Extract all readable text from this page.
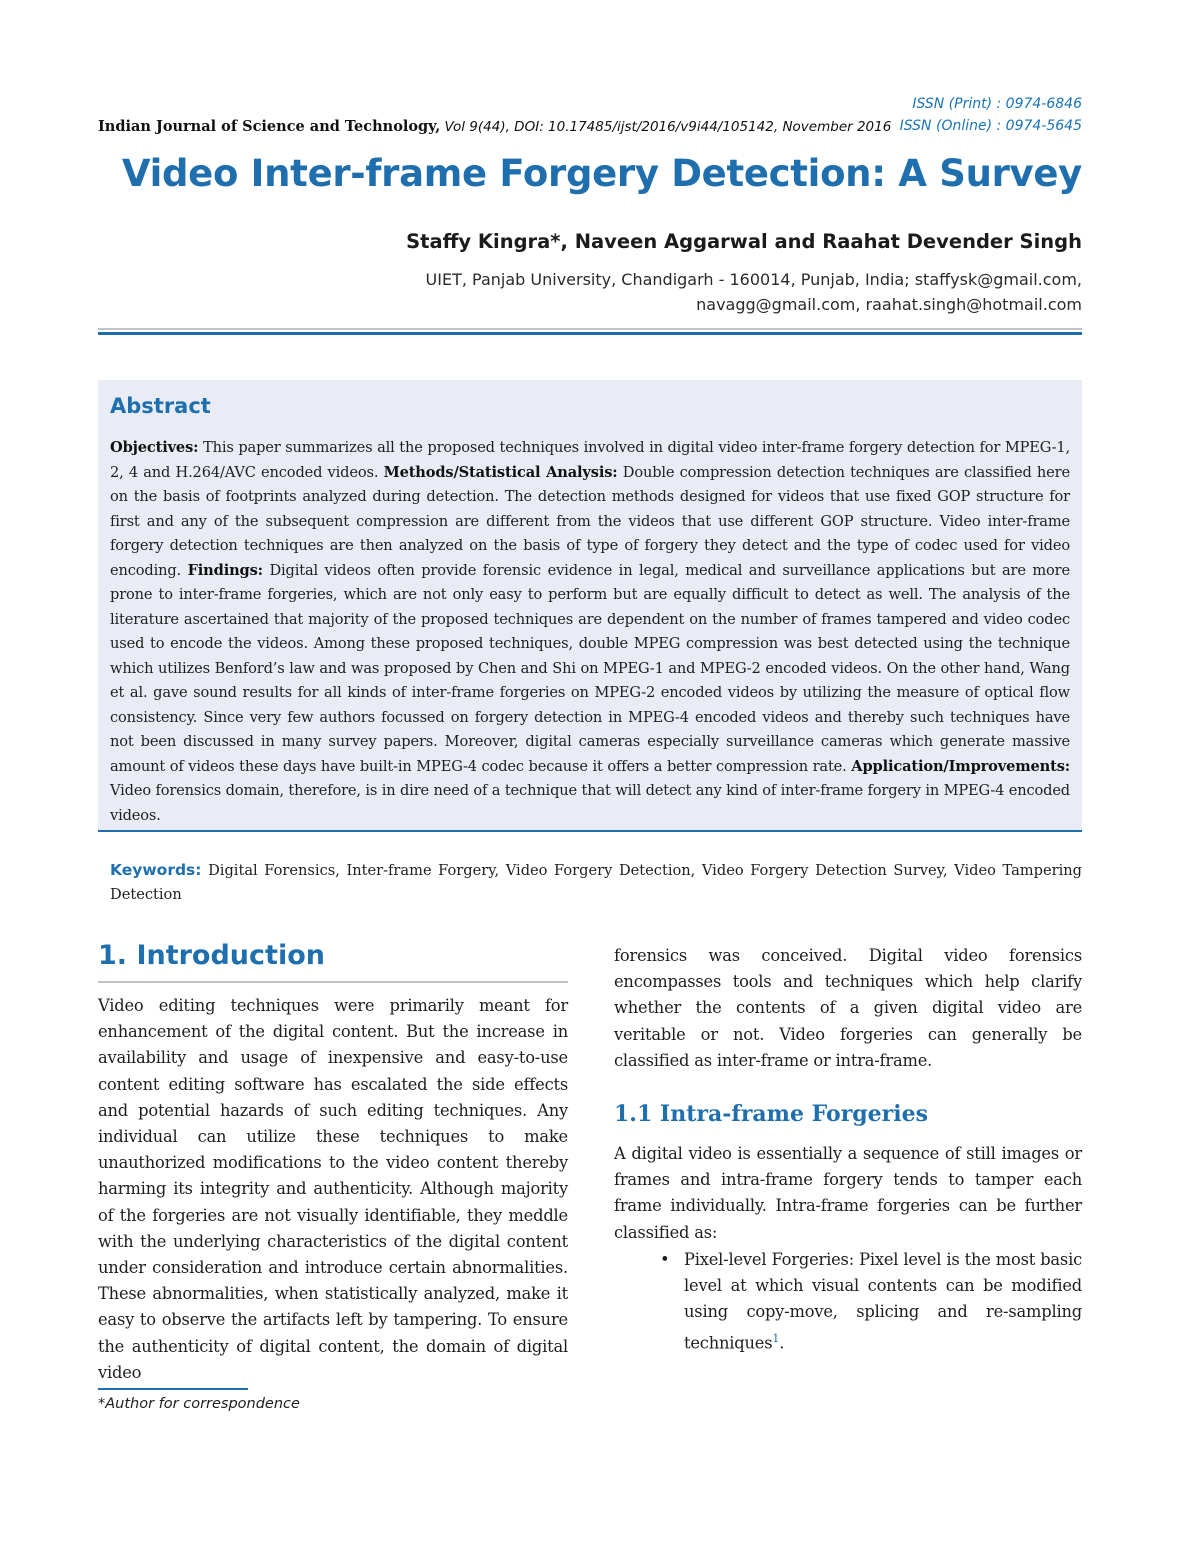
ISSN (Print) : 0974-6846
ISSN (Online) : 0974-5645
Indian Journal of Science and Technology, Vol 9(44), DOI: 10.17485/ijst/2016/v9i44/105142, November 2016
Video Inter-frame Forgery Detection: A Survey
Staffy Kingra*, Naveen Aggarwal and Raahat Devender Singh
UIET, Panjab University, Chandigarh - 160014, Punjab, India; staffysk@gmail.com,
navagg@gmail.com, raahat.singh@hotmail.com
Abstract

Objectives: This paper summarizes all the proposed techniques involved in digital video inter-frame forgery detection for MPEG-1, 2, 4 and H.264/AVC encoded videos. Methods/Statistical Analysis: Double compression detection techniques are classified here on the basis of footprints analyzed during detection. The detection methods designed for videos that use fixed GOP structure for first and any of the subsequent compression are different from the videos that use different GOP structure. Video inter-frame forgery detection techniques are then analyzed on the basis of type of forgery they detect and the type of codec used for video encoding. Findings: Digital videos often provide forensic evidence in legal, medical and surveillance applications but are more prone to inter-frame forgeries, which are not only easy to perform but are equally difficult to detect as well. The analysis of the literature ascertained that majority of the proposed techniques are dependent on the number of frames tampered and video codec used to encode the videos. Among these proposed techniques, double MPEG compression was best detected using the technique which utilizes Benford’s law and was proposed by Chen and Shi on MPEG-1 and MPEG-2 encoded videos. On the other hand, Wang et al. gave sound results for all kinds of inter-frame forgeries on MPEG-2 encoded videos by utilizing the measure of optical flow consistency. Since very few authors focussed on forgery detection in MPEG-4 encoded videos and thereby such techniques have not been discussed in many survey papers. Moreover, digital cameras especially surveillance cameras which generate massive amount of videos these days have built-in MPEG-4 codec because it offers a better compression rate. Application/Improvements: Video forensics domain, therefore, is in dire need of a technique that will detect any kind of inter-frame forgery in MPEG-4 encoded videos.

Keywords: Digital Forensics, Inter-frame Forgery, Video Forgery Detection, Video Forgery Detection Survey, Video Tampering Detection

1. Introduction

Video editing techniques were primarily meant for enhancement of the digital content. But the increase in availability and usage of inexpensive and easy-to-use content editing software has escalated the side effects and potential hazards of such editing techniques. Any individual can utilize these techniques to make unauthorized modifications to the video content thereby harming its integrity and authenticity. Although majority of the forgeries are not visually identifiable, they meddle with the underlying characteristics of the digital content under consideration and introduce certain abnormalities. These abnormalities, when statistically analyzed, make it easy to observe the artifacts left by tampering. To ensure the authenticity of digital content, the domain of digital video

forensics was conceived. Digital video forensics encompasses tools and techniques which help clarify whether the contents of a given digital video are veritable or not. Video forgeries can generally be classified as inter-frame or intra-frame.

1.1 Intra-frame Forgeries

A digital video is essentially a sequence of still images or frames and intra-frame forgery tends to tamper each frame individually. Intra-frame forgeries can be further classified as:

• Pixel-level Forgeries: Pixel level is the most basic level at which visual contents can be modified using copy-move, splicing and re-sampling techniques$^1$.
*Author for correspondence
